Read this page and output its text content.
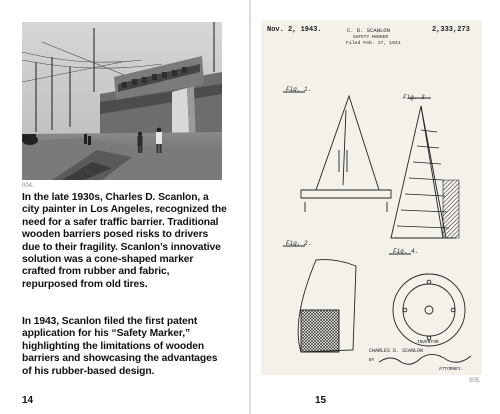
004.

In the late 1930s, Charles D. Scanlon, a city painter in Los Angeles, recognized the need for a safer traffic barrier. Traditional wooden barriers posed risks to drivers due to their fragility. Scanlon’s innovative solution was a cone-shaped marker crafted from rubber and fabric, repurposed from old tires.

In 1943, Scanlon filed the first patent application for his “Safety Marker,” highlighting the limitations of wooden barriers and showcasing the advantages of his rubber-based design.

14	15
005.
Nov. 2, 1943.	C. D. SCANLON	2,333,273
SAFETY MARKER
Filed Feb. 17, 1941
Fig. 1.
Fig. 3
Fig. 2.
Fig. 4.
INVENTOR.
CHARLES D. SCANLON
BY
ATTORNEY.
